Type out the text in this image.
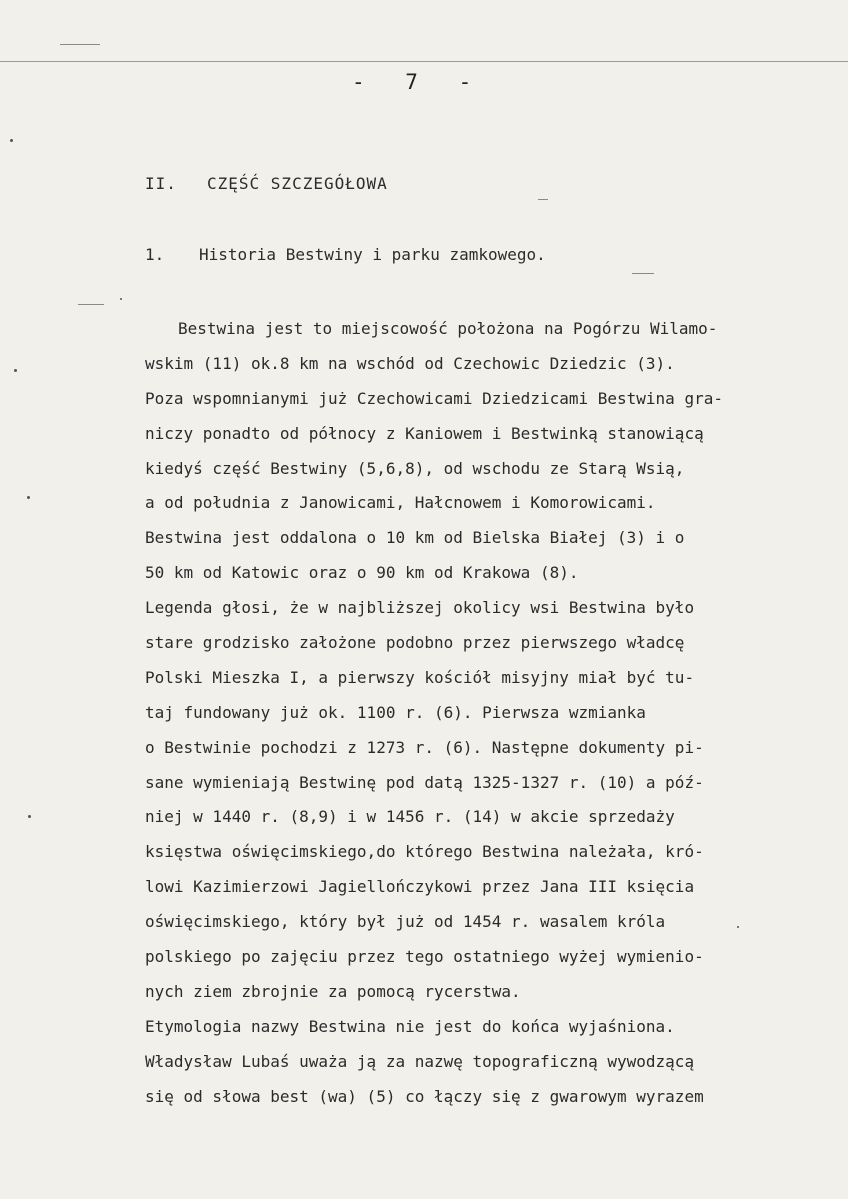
- 7 -
II. CZĘŚĆ SZCZEGÓŁOWA
1. Historia Bestwiny i parku zamkowego.
Bestwina jest to miejscowość położona na Pogórzu Wilamo-
wskim (11) ok.8 km na wschód od Czechowic Dziedzic (3).
Poza wspomnianymi już Czechowicami Dziedzicami Bestwina gra-
niczy ponadto od północy z Kaniowem i Bestwinką stanowiącą
kiedyś część Bestwiny (5,6,8), od wschodu ze Starą Wsią,
a od południa z Janowicami, Hałcnowem i Komorowicami.
Bestwina jest oddalona o 10 km od Bielska Białej (3) i o
50 km od Katowic oraz o 90 km od Krakowa (8).
Legenda głosi, że w najbliższej okolicy wsi Bestwina było
stare grodzisko założone podobno przez pierwszego władcę
Polski Mieszka I, a pierwszy kościół misyjny miał być tu-
taj fundowany już ok. 1100 r. (6). Pierwsza wzmianka
o Bestwinie pochodzi z 1273 r. (6). Następne dokumenty pi-
sane wymieniają Bestwinę pod datą 1325-1327 r. (10) a póź-
niej w 1440 r. (8,9) i w 1456 r. (14) w akcie sprzedaży
księstwa oświęcimskiego,do którego Bestwina należała, kró-
lowi Kazimierzowi Jagiellończykowi przez Jana III księcia
oświęcimskiego, który był już od 1454 r. wasalem króla
polskiego po zajęciu przez tego ostatniego wyżej wymienio-
nych ziem zbrojnie za pomocą rycerstwa.
Etymologia nazwy Bestwina nie jest do końca wyjaśniona.
Władysław Lubaś uważa ją za nazwę topograficzną wywodzącą
się od słowa best (wa) (5) co łączy się z gwarowym wyrazem
